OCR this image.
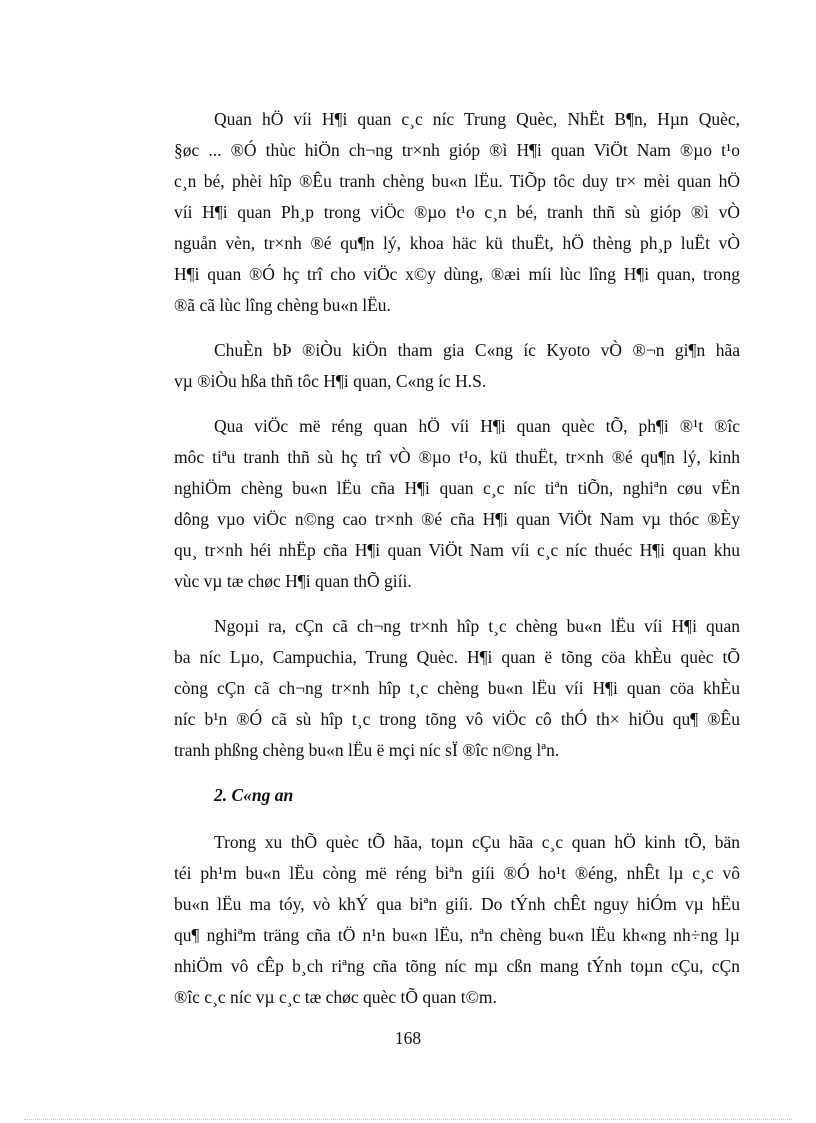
Quan hÖ víi H¶i quan c¸c níc Trung Quèc, NhËt B¶n, Hµn Quèc,
§øc ... ®Ó thùc hiÖn ch¬ng tr×nh gióp ®ì H¶i quan ViÖt Nam ®µo t¹o
c¸n bé, phèi hîp ®Êu tranh chèng bu«n lËu. TiÕp tôc duy tr× mèi quan hÖ
víi H¶i quan Ph¸p trong viÖc ®µo t¹o c¸n bé, tranh thñ sù gióp ®ì vÒ
nguån vèn, tr×nh ®é qu¶n lý, khoa häc kü thuËt, hÖ thèng ph¸p luËt vÒ
H¶i quan ®Ó hç trî cho viÖc x©y dùng, ®æi míi lùc lîng H¶i quan, trong
®ã cã lùc lîng chèng bu«n lËu.
ChuÈn bÞ ®iÒu kiÖn tham gia C«ng íc Kyoto vÒ ®¬n gi¶n hãa
vµ ®iÒu hßa thñ tôc H¶i quan, C«ng íc H.S.
Qua viÖc më réng quan hÖ víi H¶i quan quèc tÕ, ph¶i ®¹t ®îc
môc tiªu tranh thñ sù hç trî vÒ ®µo t¹o, kü thuËt, tr×nh ®é qu¶n lý, kinh
nghiÖm chèng bu«n lËu cña H¶i quan c¸c níc tiªn tiÕn, nghiªn cøu vËn
dông vµo viÖc n©ng cao tr×nh ®é cña H¶i quan ViÖt Nam vµ thóc ®Èy
qu¸ tr×nh héi nhËp cña H¶i quan ViÖt Nam víi c¸c níc thuéc H¶i quan khu
vùc vµ tæ chøc H¶i quan thÕ giíi.
Ngoµi ra, cÇn cã ch¬ng tr×nh hîp t¸c chèng bu«n lËu víi H¶i quan
ba níc Lµo, Campuchia, Trung Quèc. H¶i quan ë tõng cöa khÈu quèc tÕ
còng cÇn cã ch¬ng tr×nh hîp t¸c chèng bu«n lËu víi H¶i quan cöa khÈu
níc b¹n ®Ó cã sù hîp t¸c trong tõng vô viÖc cô thÓ th× hiÖu qu¶ ®Êu
tranh phßng chèng bu«n lËu ë mçi níc sÏ ®îc n©ng lªn.
2. C«ng an
Trong xu thÕ quèc tÕ hãa, toµn cÇu hãa c¸c quan hÖ kinh tÕ, bän
téi ph¹m bu«n lËu còng më réng biªn giíi ®Ó ho¹t ®éng, nhÊt lµ c¸c vô
bu«n lËu ma tóy, vò khÝ qua biªn giíi. Do tÝnh chÊt nguy hiÓm vµ hËu
qu¶ nghiªm träng cña tÖ n¹n bu«n lËu, nªn chèng bu«n lËu kh«ng nh÷ng lµ
nhiÖm vô cÊp b¸ch riªng cña tõng níc mµ cßn mang tÝnh toµn cÇu, cÇn
®îc c¸c níc vµ c¸c tæ chøc quèc tÕ quan t©m.
168
